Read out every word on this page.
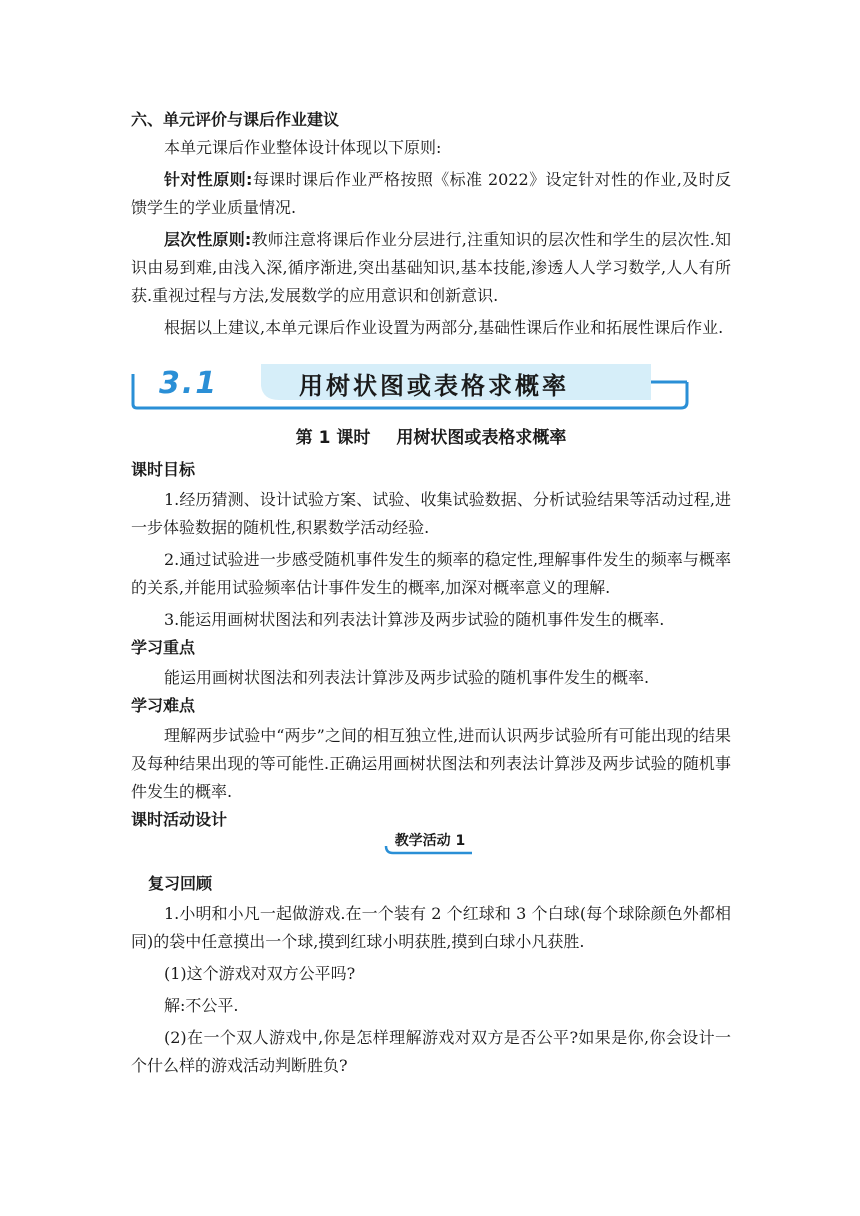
六、单元评价与课后作业建议

本单元课后作业整体设计体现以下原则:

针对性原则:每课时课后作业严格按照《标准 2022》设定针对性的作业,及时反馈学生的学业质量情况.

层次性原则:教师注意将课后作业分层进行,注重知识的层次性和学生的层次性.知识由易到难,由浅入深,循序渐进,突出基础知识,基本技能,渗透人人学习数学,人人有所获.重视过程与方法,发展数学的应用意识和创新意识.

根据以上建议,本单元课后作业设置为两部分,基础性课后作业和拓展性课后作业.

3.1	用树状图或表格求概率
第 1 课时 用树状图或表格求概率

课时目标

1.经历猜测、设计试验方案、试验、收集试验数据、分析试验结果等活动过程,进一步体验数据的随机性,积累数学活动经验.

2.通过试验进一步感受随机事件发生的频率的稳定性,理解事件发生的频率与概率的关系,并能用试验频率估计事件发生的概率,加深对概率意义的理解.

3.能运用画树状图法和列表法计算涉及两步试验的随机事件发生的概率.

学习重点

能运用画树状图法和列表法计算涉及两步试验的随机事件发生的概率.

学习难点

理解两步试验中“两步”之间的相互独立性,进而认识两步试验所有可能出现的结果及每种结果出现的等可能性.正确运用画树状图法和列表法计算涉及两步试验的随机事件发生的概率.

课时活动设计

教学活动 1

复习回顾

1.小明和小凡一起做游戏.在一个装有 2 个红球和 3 个白球(每个球除颜色外都相同)的袋中任意摸出一个球,摸到红球小明获胜,摸到白球小凡获胜.

(1)这个游戏对双方公平吗?

解:不公平.

(2)在一个双人游戏中,你是怎样理解游戏对双方是否公平?如果是你,你会设计一个什么样的游戏活动判断胜负?
